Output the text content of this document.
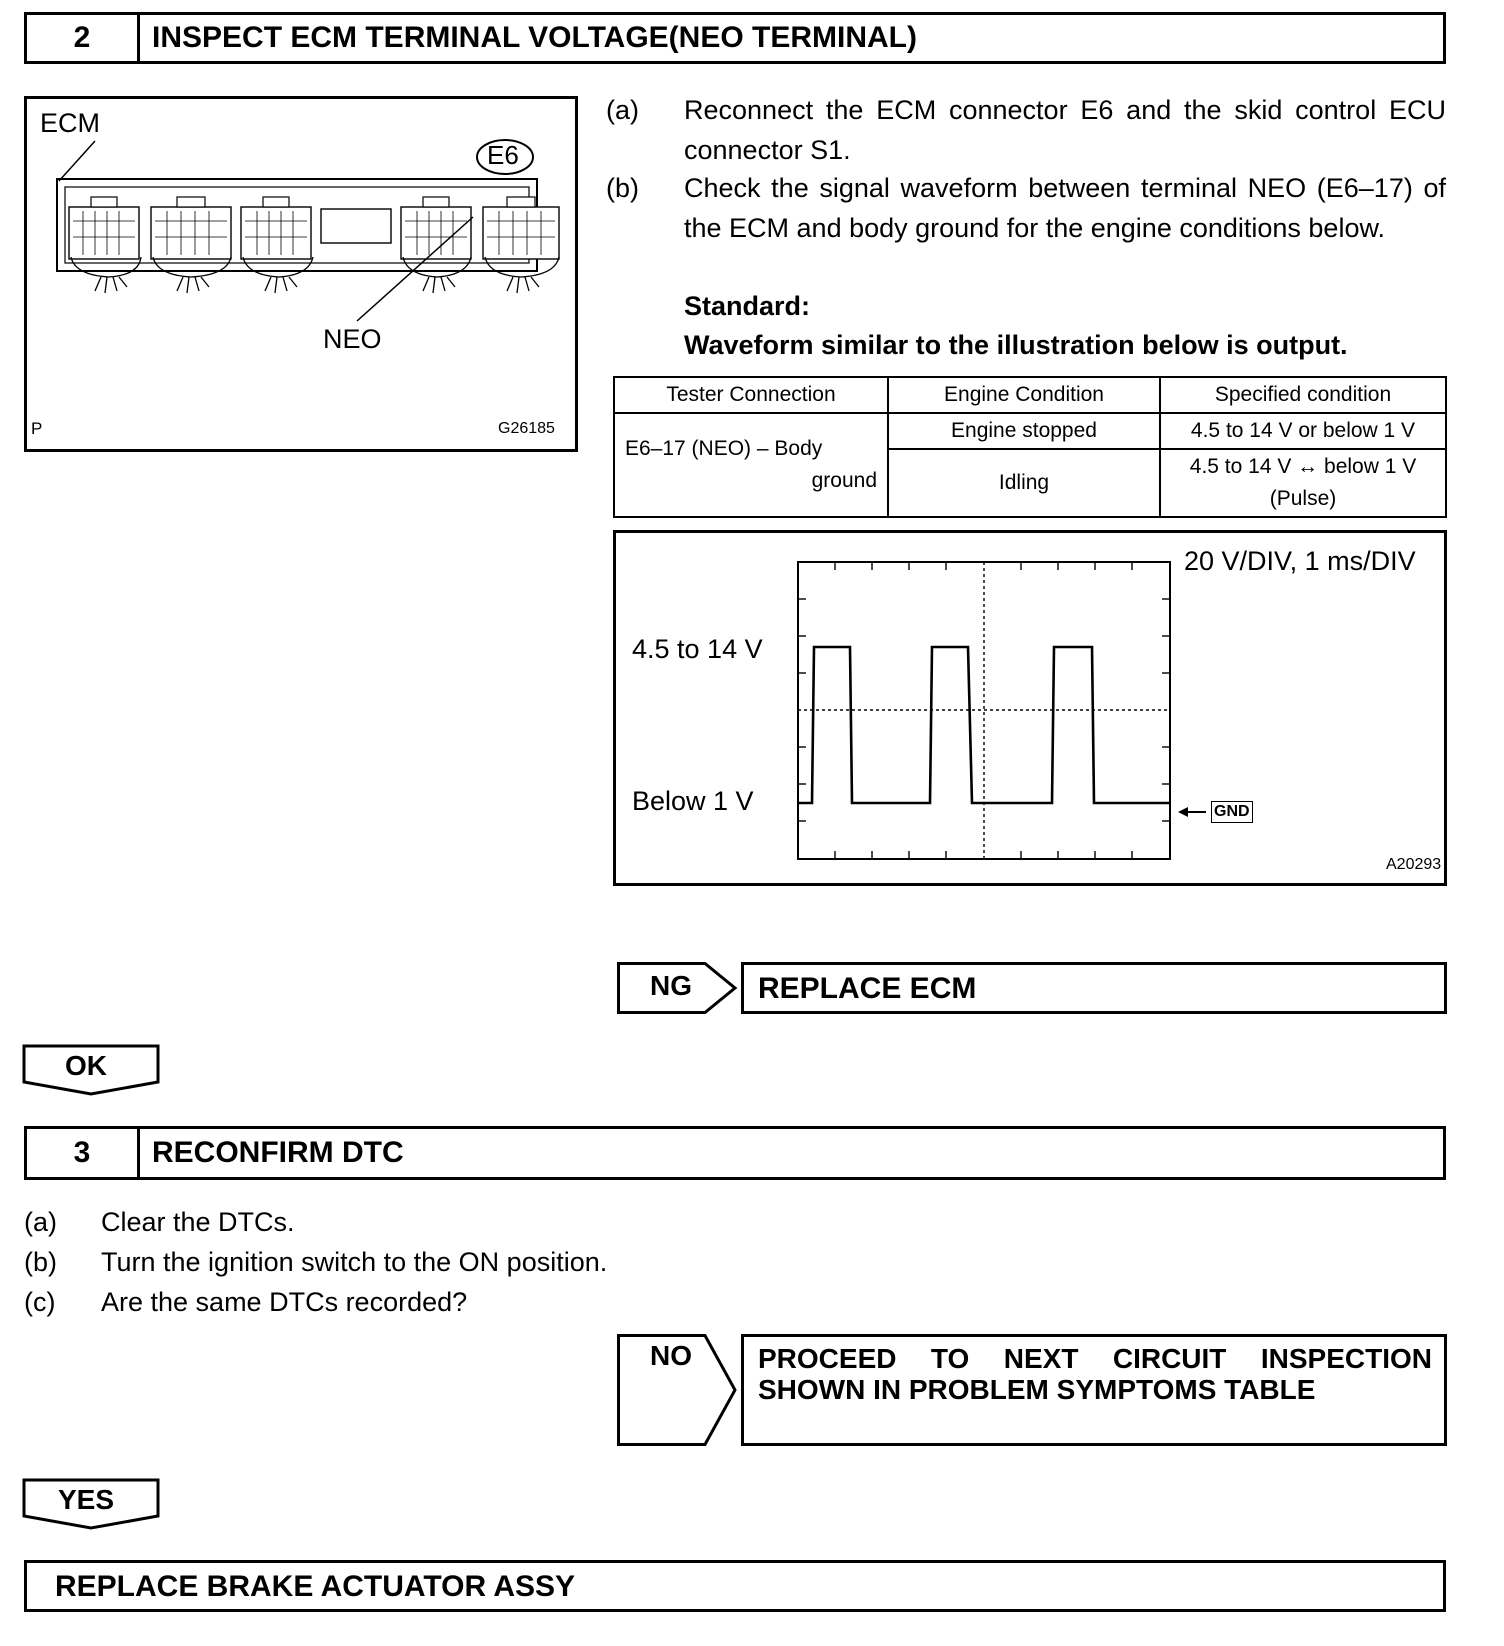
2	INSPECT ECM TERMINAL VOLTAGE(NEO TERMINAL)
ECM
E6
NEO
P	G26185
(a) Reconnect the ECM connector E6 and the skid control ECU connector S1.
(b) Check the signal waveform between terminal NEO (E6–17) of the ECM and body ground for the engine conditions below.
Standard:
Waveform similar to the illustration below is output.
Tester Connection	Engine Condition	Specified condition

E6–17 (NEO) – Body
ground	Engine stopped	4.5 to 14 V or below 1 V
	Idling	4.5 to 14 V ↔ below 1 V
(Pulse)
20 V/DIV, 1 ms/DIV
4.5 to 14 V
Below 1 V	GND
A20293
NG REPLACE ECM
OK
3	RECONFIRM DTC
(a) Clear the DTCs.
(b) Turn the ignition switch to the ON position.
(c) Are the same DTCs recorded?
NO PROCEED TO NEXT CIRCUIT INSPECTION
SHOWN IN PROBLEM SYMPTOMS TABLE
YES
REPLACE BRAKE ACTUATOR ASSY
